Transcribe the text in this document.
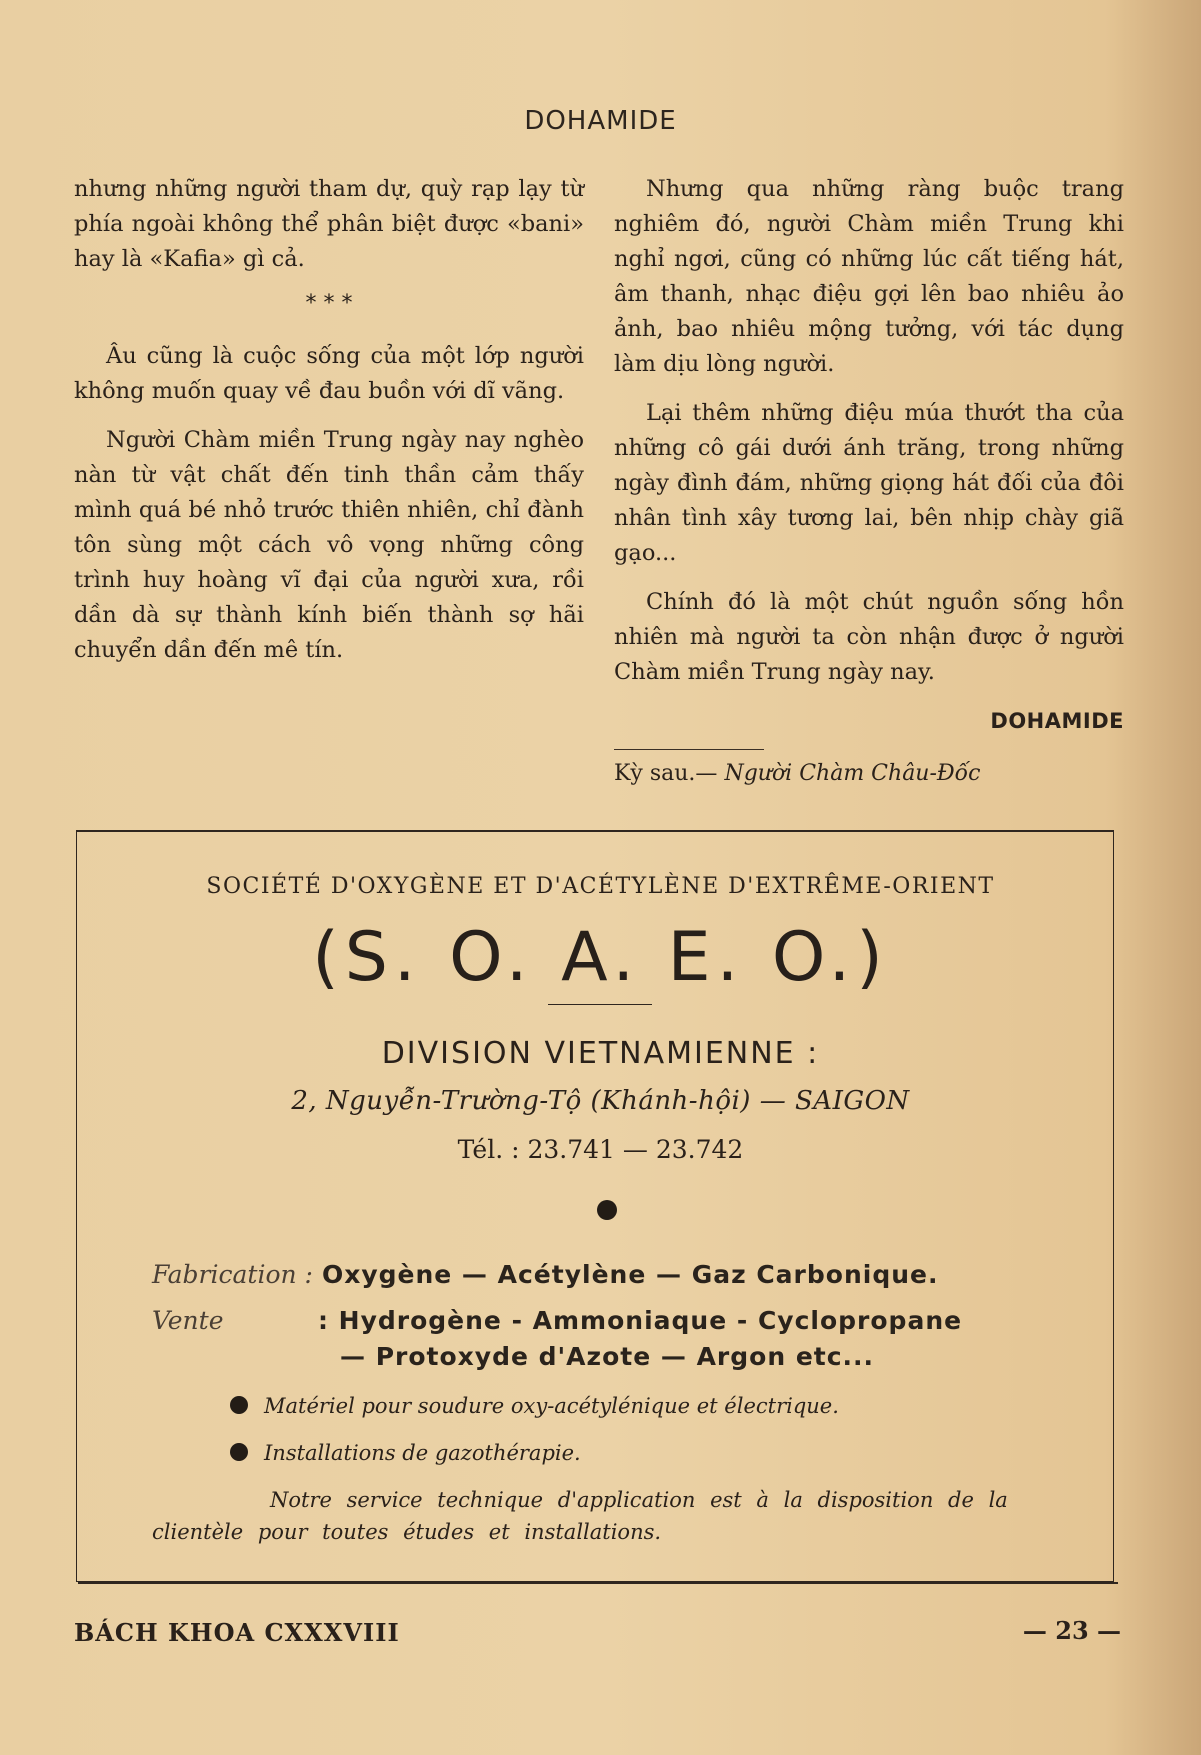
DOHAMIDE

nhưng những người tham dự, quỳ rạp lạy từ phía ngoài không thể phân biệt được «bani» hay là «Kafia» gì cả.

* * *

Âu cũng là cuộc sống của một lớp người không muốn quay về đau buồn với dĩ vãng.

Người Chàm miền Trung ngày nay nghèo nàn từ vật chất đến tinh thần cảm thấy mình quá bé nhỏ trước thiên nhiên, chỉ đành tôn sùng một cách vô vọng những công trình huy hoàng vĩ đại của người xưa, rồi dần dà sự thành kính biến thành sợ hãi chuyển dần đến mê tín.

Nhưng qua những ràng buộc trang nghiêm đó, người Chàm miền Trung khi nghỉ ngơi, cũng có những lúc cất tiếng hát, âm thanh, nhạc điệu gợi lên bao nhiêu ảo ảnh, bao nhiêu mộng tưởng, với tác dụng làm dịu lòng người.

Lại thêm những điệu múa thướt tha của những cô gái dưới ánh trăng, trong những ngày đình đám, những giọng hát đối của đôi nhân tình xây tương lai, bên nhịp chày giã gạo...

Chính đó là một chút nguồn sống hồn nhiên mà người ta còn nhận được ở người Chàm miền Trung ngày nay.

DOHAMIDE
Kỳ sau.— Người Chàm Châu-Đốc
SOCIÉTÉ D'OXYGÈNE ET D'ACÉTYLÈNE D'EXTRÊME-ORIENT
(S. O. A. E. O.)
DIVISION VIETNAMIENNE :
2, Nguyễn-Trường-Tộ (Khánh-hội) — SAIGON
Tél. : 23.741 — 23.742
Fabrication : Oxygène — Acétylène — Gaz Carbonique.
Vente	: Hydrogène - Ammoniaque - Cyclopropane
— Protoxyde d'Azote — Argon etc...
Matériel pour soudure oxy-acétylénique et électrique.
Installations de gazothérapie.
Notre service technique d'application est à la disposition de la clientèle pour toutes études et installations.
BÁCH KHOA CXXXVIII	— 23 —
